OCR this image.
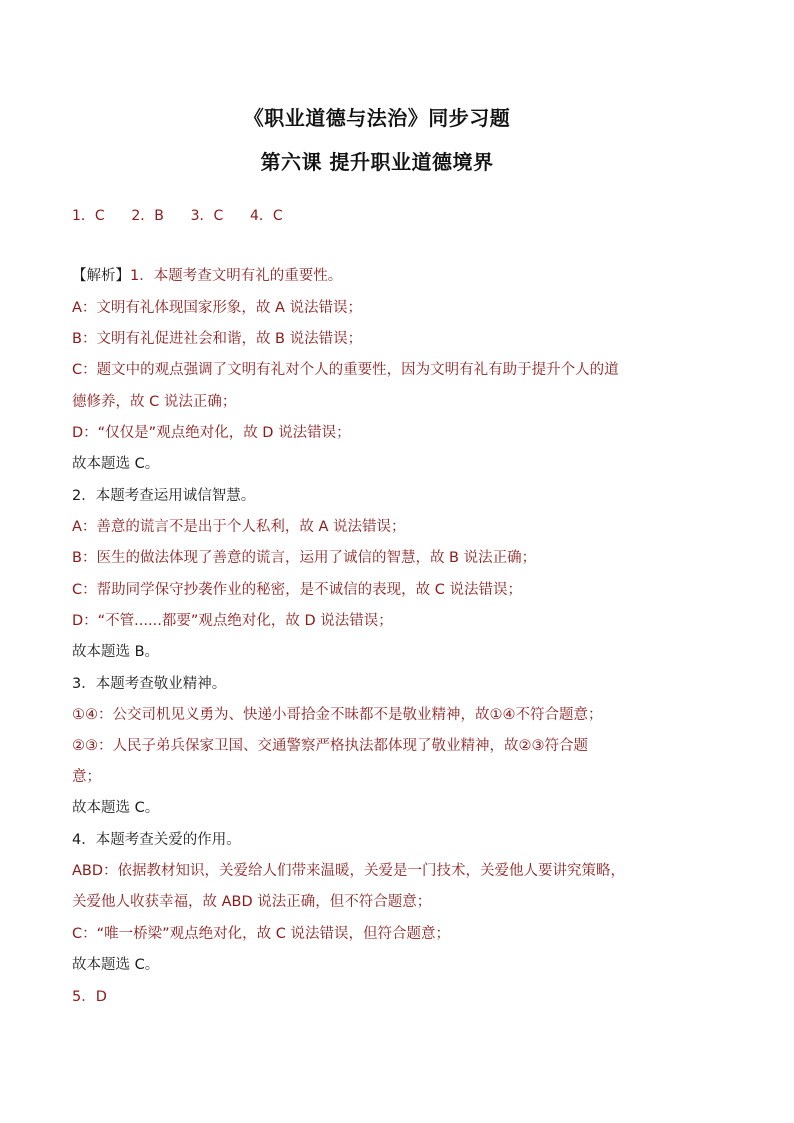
《职业道德与法治》同步习题
第六课 提升职业道德境界
1．C      2．B      3．C      4．C
【解析】1．本题考查文明有礼的重要性。
A：文明有礼体现国家形象，故 A 说法错误；
B：文明有礼促进社会和谐，故 B 说法错误；
C：题文中的观点强调了文明有礼对个人的重要性，因为文明有礼有助于提升个人的道
德修养，故 C 说法正确；
D：“仅仅是”观点绝对化，故 D 说法错误；
故本题选 C。
2．本题考查运用诚信智慧。
A：善意的谎言不是出于个人私利，故 A 说法错误；
B：医生的做法体现了善意的谎言，运用了诚信的智慧，故 B 说法正确；
C：帮助同学保守抄袭作业的秘密，是不诚信的表现，故 C 说法错误；
D：“不管......都要”观点绝对化，故 D 说法错误；
故本题选 B。
3．本题考查敬业精神。
①④：公交司机见义勇为、快递小哥拾金不昧都不是敬业精神，故①④不符合题意；
②③：人民子弟兵保家卫国、交通警察严格执法都体现了敬业精神，故②③符合题
意；
故本题选 C。
4．本题考查关爱的作用。
ABD：依据教材知识，关爱给人们带来温暖，关爱是一门技术，关爱他人要讲究策略，
关爱他人收获幸福，故 ABD 说法正确，但不符合题意；
C：“唯一桥梁”观点绝对化，故 C 说法错误，但符合题意；
故本题选 C。
5．D
